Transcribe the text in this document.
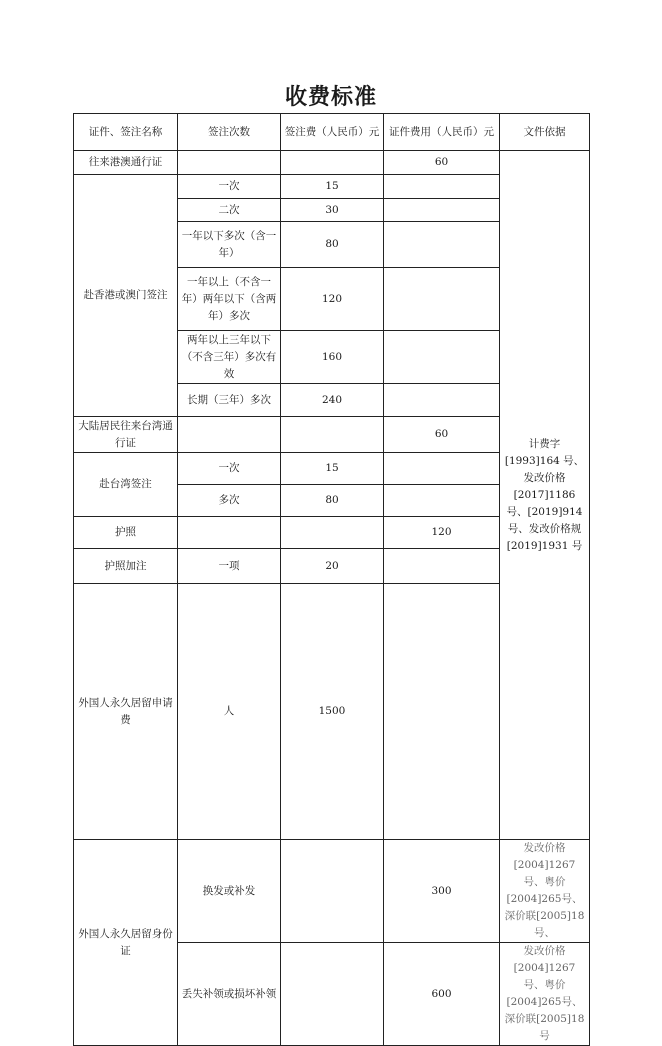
收费标准
证件、签注名称	签注次数	签注费（人民币）元	证件费用（人民币）元	文件依据	
往来港澳通行证			60	计费字[1993]164 号、发改价格[2017]1186 号、[2019]914 号、发改价格规[2019]1931 号	
赴香港或澳门签注	一次	15			
	二次	30			
	一年以下多次（含一年）	80			
	一年以上（不含一年）两年以下（含两年）多次	120			
	两年以上三年以下（不含三年）多次有效	160			
	长期（三年）多次	240			
大陆居民往来台湾通行证			60		
赴台湾签注	一次	15			
	多次	80			
护照			120		
护照加注	一项	20			
外国人永久居留申请费	人	1500		
外国人永久居留身份证	换发或补发		300	发改价格[2004]1267 号、粤价[2004]265号、深价联[2005]18 号、	
	丢失补领或损坏补领		600	发改价格[2004]1267 号、粤价[2004]265号、深价联[2005]18 号	
